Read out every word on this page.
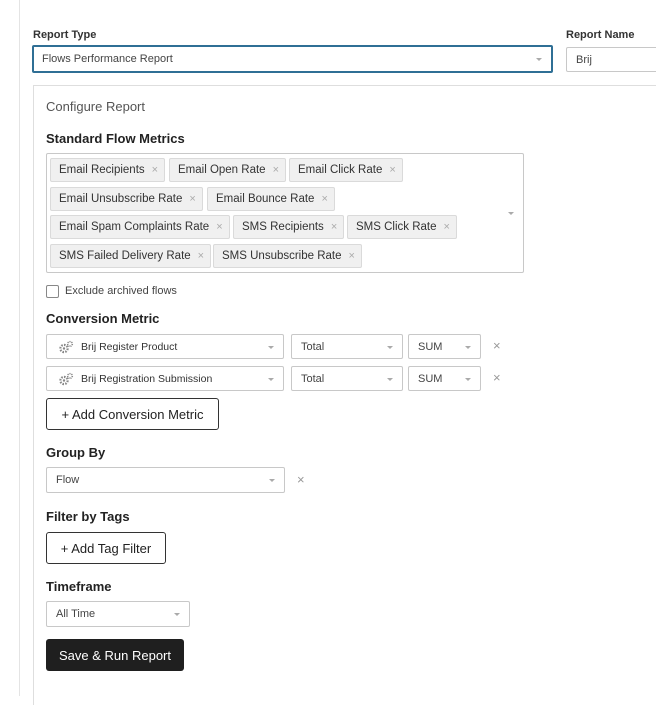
Report Type
Flows Performance Report
Report Name
Brij
Configure Report
Standard Flow Metrics
Email Recipients × Email Open Rate × Email Click Rate ×
Email Unsubscribe Rate × Email Bounce Rate ×
Email Spam Complaints Rate × SMS Recipients × SMS Click Rate ×
SMS Failed Delivery Rate × SMS Unsubscribe Rate ×
Exclude archived flows
Conversion Metric
Brij Register Product	Total	SUM	×
Brij Registration Submission	Total	SUM	×
+ Add Conversion Metric
Group By
Flow	×
Filter by Tags
+ Add Tag Filter
Timeframe
All Time
Save & Run Report
